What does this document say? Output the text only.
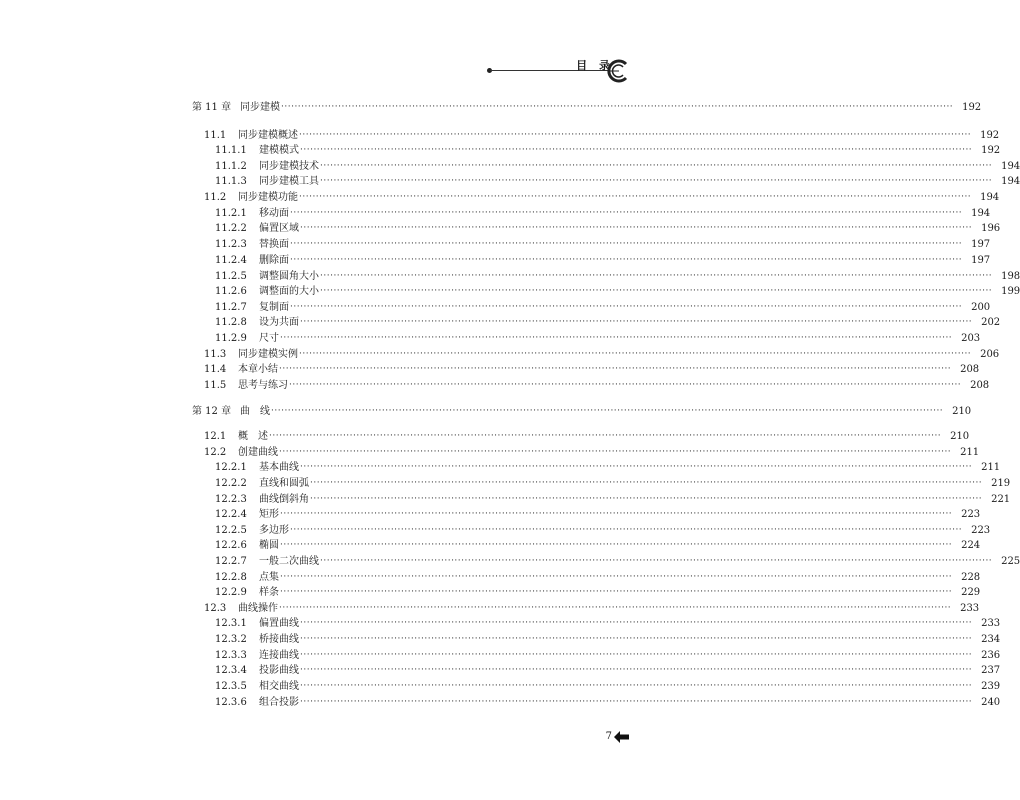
目 录
第 11 章 同步建模 ········································································································································································································ 192
11.1	同步建模概述 ········································································································································································································ 192
11.1.1	建模模式 ········································································································································································································ 192
11.1.2	同步建模技术 ········································································································································································································ 194
11.1.3	同步建模工具 ········································································································································································································ 194
11.2	同步建模功能 ········································································································································································································ 194
11.2.1	移动面 ········································································································································································································ 194
11.2.2	偏置区域 ········································································································································································································ 196
11.2.3	替换面 ········································································································································································································ 197
11.2.4	删除面 ········································································································································································································ 197
11.2.5	调整圆角大小 ········································································································································································································ 198
11.2.6	调整面的大小 ········································································································································································································ 199
11.2.7	复制面 ········································································································································································································ 200
11.2.8	设为共面 ········································································································································································································ 202
11.2.9	尺寸 ········································································································································································································ 203
11.3	同步建模实例 ········································································································································································································ 206
11.4	本章小结 ········································································································································································································ 208
11.5	思考与练习 ········································································································································································································ 208
第 12 章 曲　线 ········································································································································································································ 210
12.1	概　述 ········································································································································································································ 210
12.2	创建曲线 ········································································································································································································ 211
12.2.1	基本曲线 ········································································································································································································ 211
12.2.2	直线和圆弧 ········································································································································································································ 219
12.2.3	曲线倒斜角 ········································································································································································································ 221
12.2.4	矩形 ········································································································································································································ 223
12.2.5	多边形 ········································································································································································································ 223
12.2.6	椭圆 ········································································································································································································ 224
12.2.7	一般二次曲线 ········································································································································································································ 225
12.2.8	点集 ········································································································································································································ 228
12.2.9	样条 ········································································································································································································ 229
12.3	曲线操作 ········································································································································································································ 233
12.3.1	偏置曲线 ········································································································································································································ 233
12.3.2	桥接曲线 ········································································································································································································ 234
12.3.3	连接曲线 ········································································································································································································ 236
12.3.4	投影曲线 ········································································································································································································ 237
12.3.5	相交曲线 ········································································································································································································ 239
12.3.6	组合投影 ········································································································································································································ 240
7
